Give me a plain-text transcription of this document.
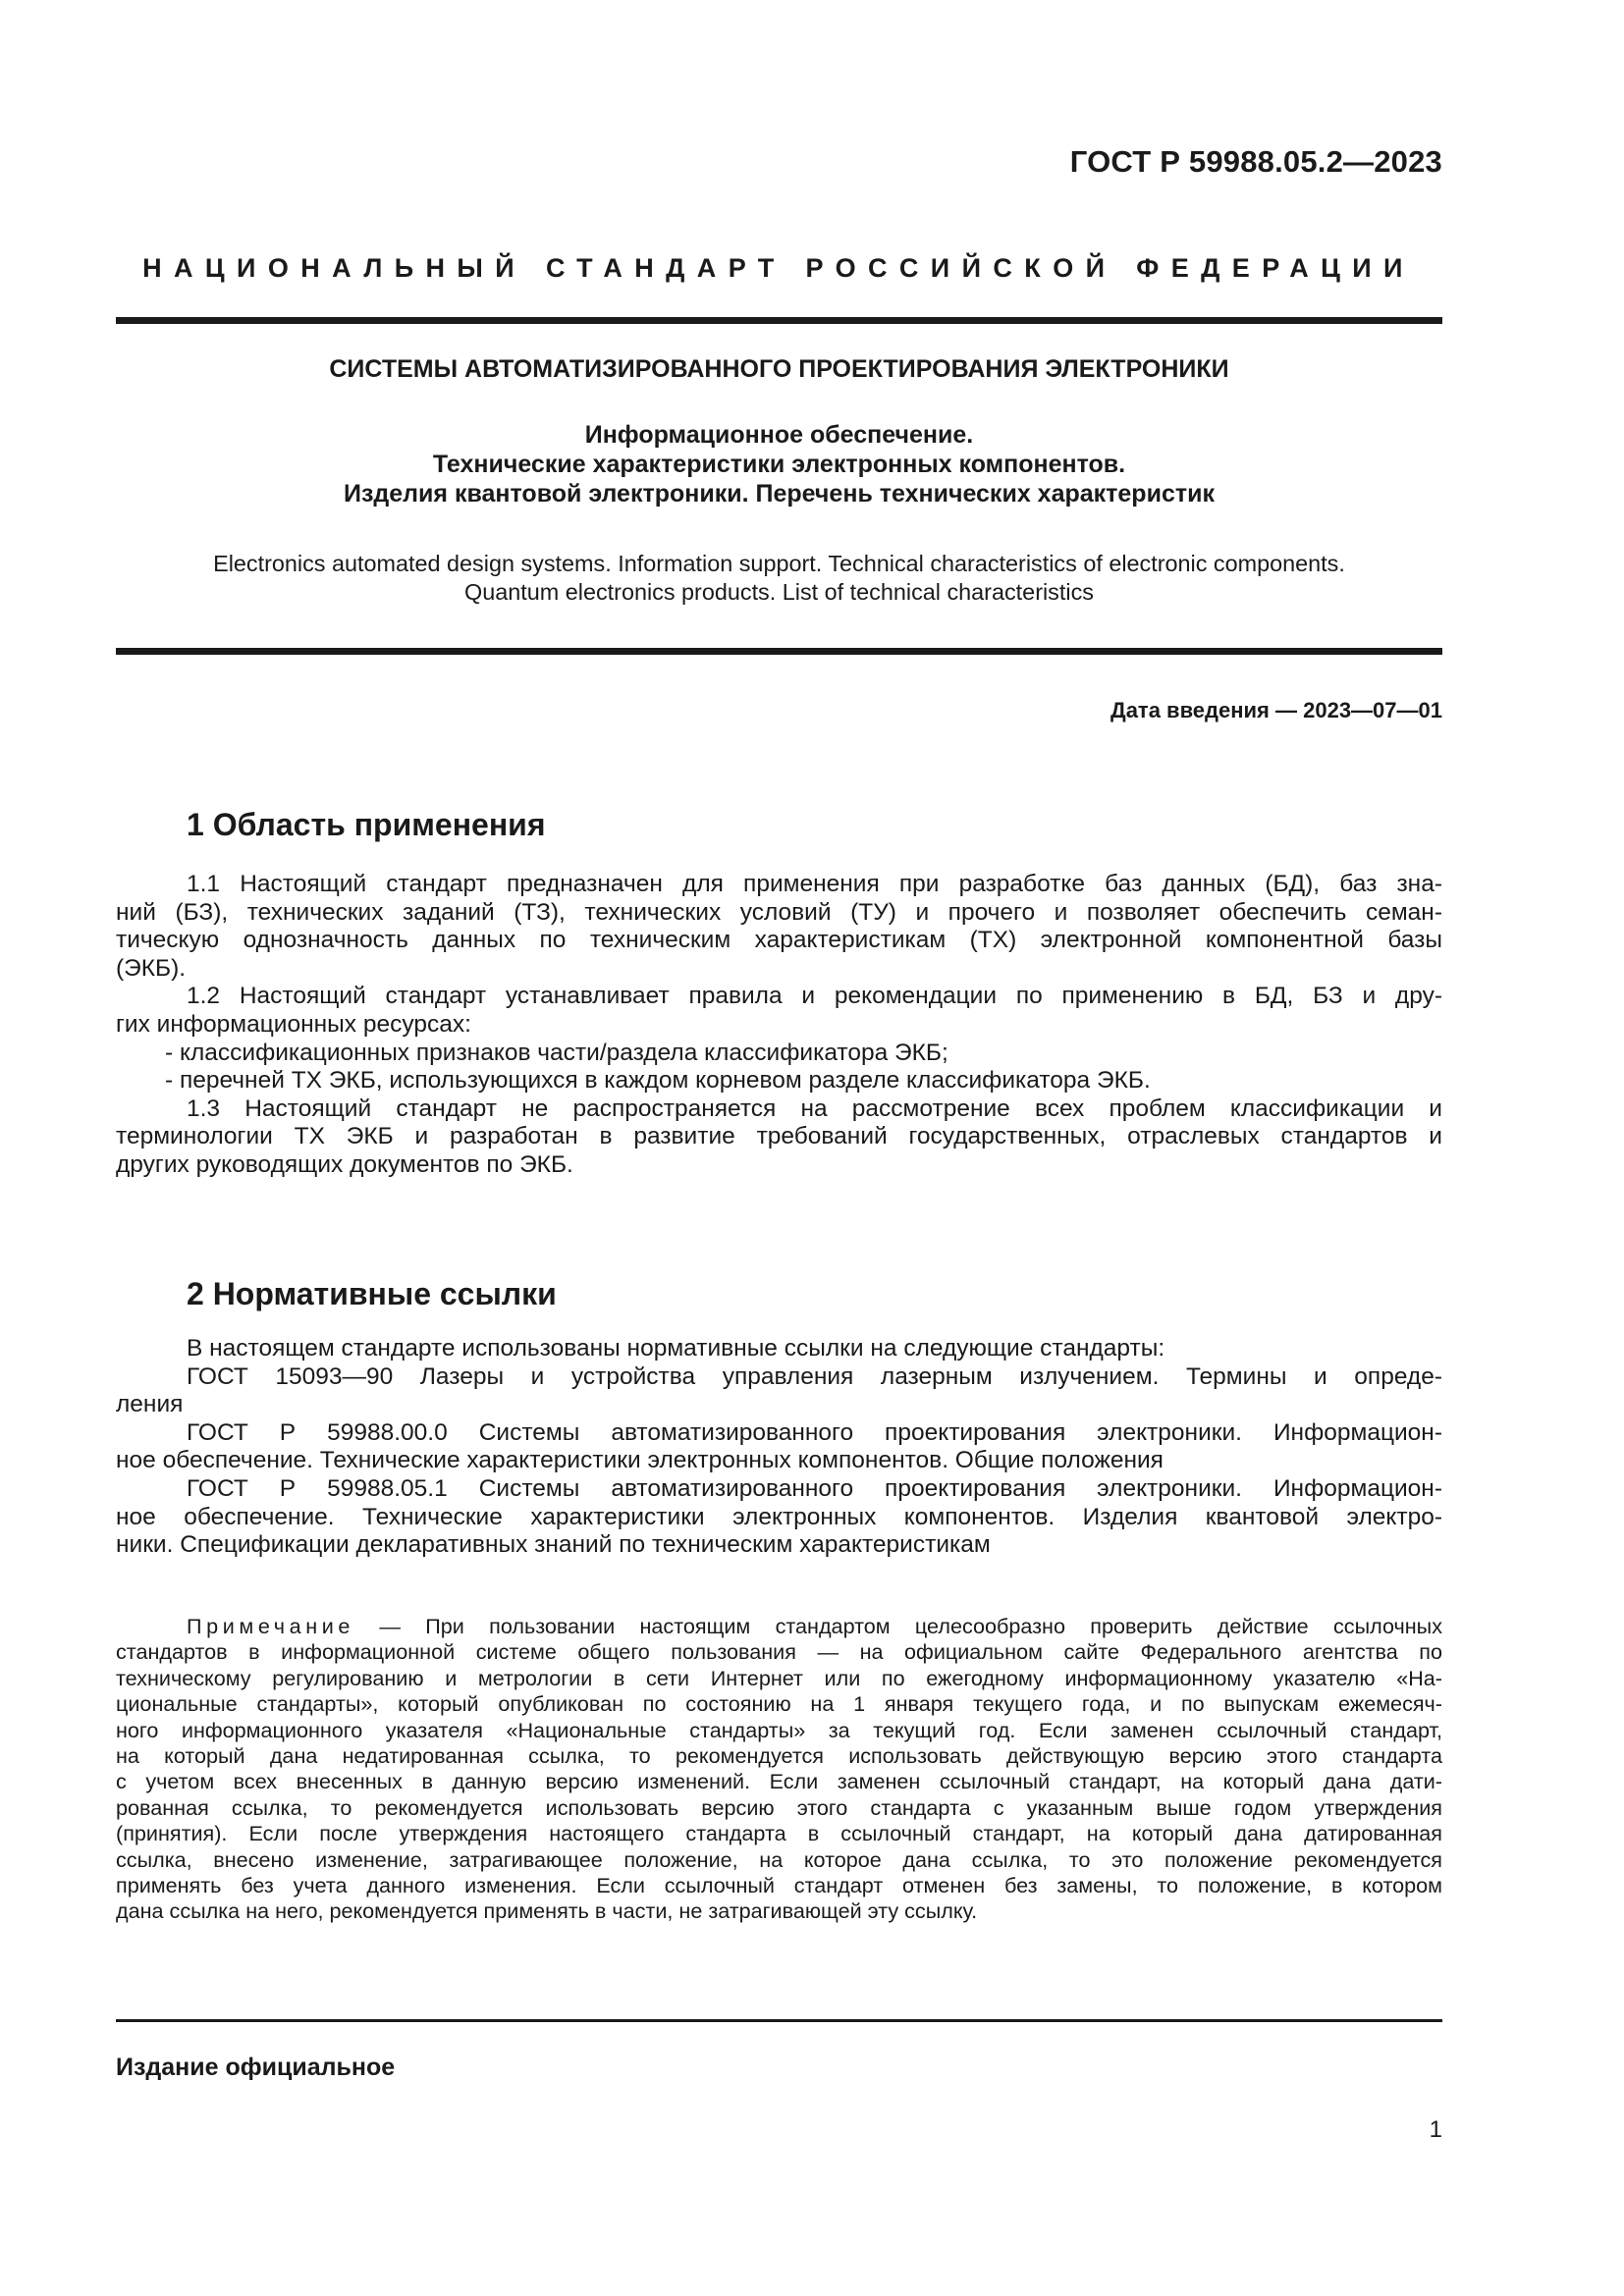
ГОСТ Р 59988.05.2—2023
НАЦИОНАЛЬНЫЙ СТАНДАРТ РОССИЙСКОЙ ФЕДЕРАЦИИ
СИСТЕМЫ АВТОМАТИЗИРОВАННОГО ПРОЕКТИРОВАНИЯ ЭЛЕКТРОНИКИ
Информационное обеспечение.
Технические характеристики электронных компонентов.
Изделия квантовой электроники. Перечень технических характеристик
Electronics automated design systems. Information support. Technical characteristics of electronic components.
Quantum electronics products. List of technical characteristics
Дата введения — 2023—07—01
1 Область применения
1.1 Настоящий стандарт предназначен для применения при разработке баз данных (БД), баз зна-
ний (БЗ), технических заданий (ТЗ), технических условий (ТУ) и прочего и позволяет обеспечить семан-
тическую однозначность данных по техническим характеристикам (ТХ) электронной компонентной базы
(ЭКБ).
1.2 Настоящий стандарт устанавливает правила и рекомендации по применению в БД, БЗ и дру-
гих информационных ресурсах:
- классификационных признаков части/раздела классификатора ЭКБ;
- перечней ТХ ЭКБ, использующихся в каждом корневом разделе классификатора ЭКБ.
1.3 Настоящий стандарт не распространяется на рассмотрение всех проблем классификации и
терминологии ТХ ЭКБ и разработан в развитие требований государственных, отраслевых стандартов и
других руководящих документов по ЭКБ.
2 Нормативные ссылки
В настоящем стандарте использованы нормативные ссылки на следующие стандарты:
ГОСТ 15093—90 Лазеры и устройства управления лазерным излучением. Термины и опреде-
ления
ГОСТ Р 59988.00.0 Системы автоматизированного проектирования электроники. Информацион-
ное обеспечение. Технические характеристики электронных компонентов. Общие положения
ГОСТ Р 59988.05.1 Системы автоматизированного проектирования электроники. Информацион-
ное обеспечение. Технические характеристики электронных компонентов. Изделия квантовой электро-
ники. Спецификации декларативных знаний по техническим характеристикам
Примечание — При пользовании настоящим стандартом целесообразно проверить действие ссылочных
стандартов в информационной системе общего пользования — на официальном сайте Федерального агентства по
техническому регулированию и метрологии в сети Интернет или по ежегодному информационному указателю «На-
циональные стандарты», который опубликован по состоянию на 1 января текущего года, и по выпускам ежемесяч-
ного информационного указателя «Национальные стандарты» за текущий год. Если заменен ссылочный стандарт,
на который дана недатированная ссылка, то рекомендуется использовать действующую версию этого стандарта
с учетом всех внесенных в данную версию изменений. Если заменен ссылочный стандарт, на который дана дати-
рованная ссылка, то рекомендуется использовать версию этого стандарта с указанным выше годом утверждения
(принятия). Если после утверждения настоящего стандарта в ссылочный стандарт, на который дана датированная
ссылка, внесено изменение, затрагивающее положение, на которое дана ссылка, то это положение рекомендуется
применять без учета данного изменения. Если ссылочный стандарт отменен без замены, то положение, в котором
дана ссылка на него, рекомендуется применять в части, не затрагивающей эту ссылку.
Издание официальное
1
